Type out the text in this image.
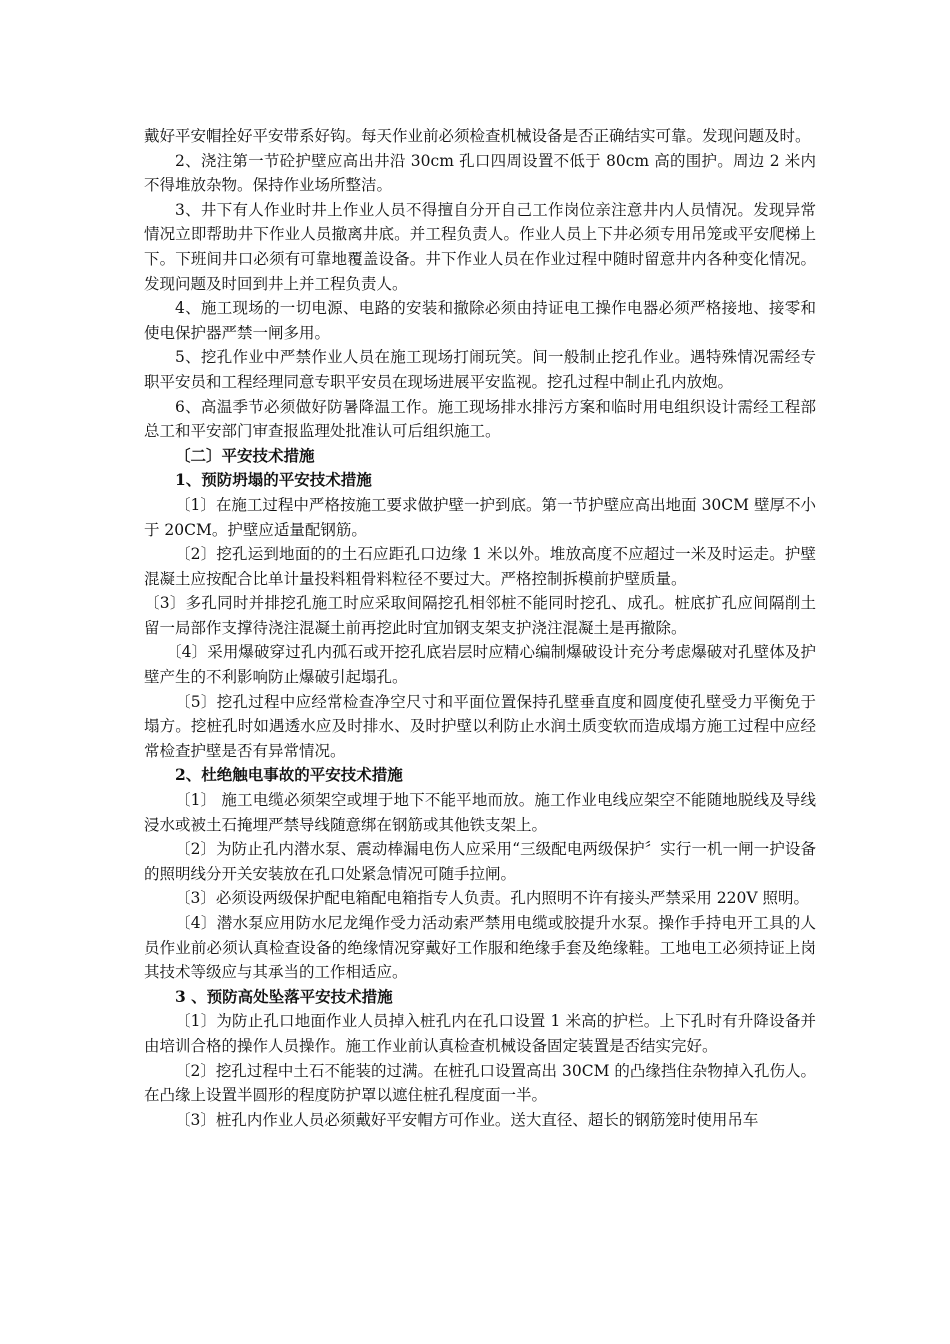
戴好平安帽拴好平安带系好钩。每天作业前必须检查机械设备是否正确结实可靠。发现问题及时。

2、浇注第一节砼护壁应高出井沿 30cm 孔口四周设置不低于 80cm 高的围护。周边 2 米内不得堆放杂物。保持作业场所整洁。

3、井下有人作业时井上作业人员不得擅自分开自己工作岗位亲注意井内人员情况。发现异常情况立即帮助井下作业人员撤离井底。并工程负责人。作业人员上下井必须专用吊笼或平安爬梯上下。下班间井口必须有可靠地覆盖设备。井下作业人员在作业过程中随时留意井内各种变化情况。发现问题及时回到井上并工程负责人。

4、施工现场的一切电源、电路的安装和撤除必须由持证电工操作电器必须严格接地、接零和使电保护器严禁一闸多用。

5、挖孔作业中严禁作业人员在施工现场打闹玩笑。间一般制止挖孔作业。遇特殊情况需经专职平安员和工程经理同意专职平安员在现场进展平安监视。挖孔过程中制止孔内放炮。

6、高温季节必须做好防暑降温工作。施工现场排水排污方案和临时用电组织设计需经工程部总工和平安部门审查报监理处批准认可后组织施工。

〔二〕平安技术措施

1、预防坍塌的平安技术措施

〔1〕在施工过程中严格按施工要求做护壁一护到底。第一节护壁应高出地面 30CM 壁厚不小于 20CM。护壁应适量配钢筋。

〔2〕挖孔运到地面的的土石应距孔口边缘 1 米以外。堆放高度不应超过一米及时运走。护壁混凝土应按配合比单计量投料粗骨料粒径不要过大。严格控制拆模前护壁质量。

〔3〕多孔同时并排挖孔施工时应采取间隔挖孔相邻桩不能同时挖孔、成孔。桩底扩孔应间隔削土留一局部作支撑待浇注混凝土前再挖此时宜加钢支架支护浇注混凝土是再撤除。

〔4〕采用爆破穿过孔内孤石或开挖孔底岩层时应精心编制爆破设计充分考虑爆破对孔壁体及护壁产生的不利影响防止爆破引起塌孔。

〔5〕挖孔过程中应经常检查净空尺寸和平面位置保持孔壁垂直度和圆度使孔壁受力平衡免于塌方。挖桩孔时如遇透水应及时排水、及时护壁以利防止水润土质变软而造成塌方施工过程中应经常检查护壁是否有异常情况。

2、杜绝触电事故的平安技术措施

〔1〕 施工电缆必须架空或埋于地下不能平地而放。施工作业电线应架空不能随地脱线及导线浸水或被土石掩埋严禁导线随意绑在钢筋或其他铁支架上。

〔2〕为防止孔内潜水泵、震动棒漏电伤人应采用“三级配电两级保护〞实行一机一闸一护设备的照明线分开关安装放在孔口处紧急情况可随手拉闸。

〔3〕必须设两级保护配电箱配电箱指专人负责。孔内照明不许有接头严禁采用 220V 照明。

〔4〕潜水泵应用防水尼龙绳作受力活动索严禁用电缆或胶提升水泵。操作手持电开工具的人员作业前必须认真检查设备的绝缘情况穿戴好工作服和绝缘手套及绝缘鞋。工地电工必须持证上岗其技术等级应与其承当的工作相适应。

3 、预防高处坠落平安技术措施

〔1〕为防止孔口地面作业人员掉入桩孔内在孔口设置 1 米高的护栏。上下孔时有升降设备并由培训合格的操作人员操作。施工作业前认真检查机械设备固定装置是否结实完好。

〔2〕挖孔过程中土石不能装的过满。在桩孔口设置高出 30CM 的凸缘挡住杂物掉入孔伤人。在凸缘上设置半圆形的程度防护罩以遮住桩孔程度面一半。

〔3〕桩孔内作业人员必须戴好平安帽方可作业。送大直径、超长的钢筋笼时使用吊车
